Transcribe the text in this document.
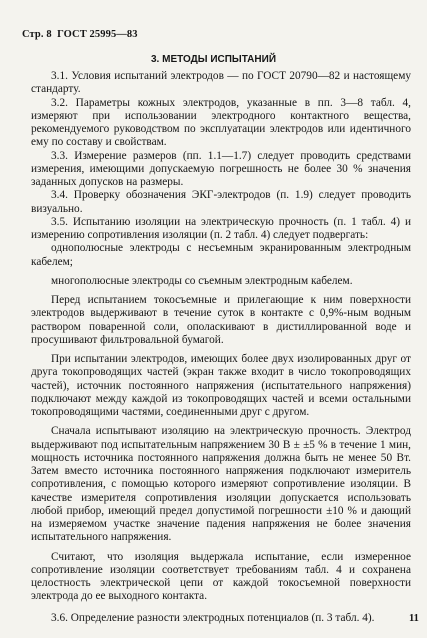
Стр. 8 ГОСТ 25995—83
3. МЕТОДЫ ИСПЫТАНИЙ

3.1. Условия испытаний электродов — по ГОСТ 20790—82 и настоящему стандарту.

3.2. Параметры кожных электродов, указанные в пп. 3—8 табл. 4, измеряют при использовании электродного контактного вещества, рекомендуемого руководством по эксплуатации электродов или идентичного ему по составу и свойствам.

3.3. Измерение размеров (пп. 1.1—1.7) следует проводить средствами измерения, имеющими допускаемую погрешность не более 30 % значения заданных допусков на размеры.

3.4. Проверку обозначения ЭКГ-электродов (п. 1.9) следует проводить визуально.

3.5. Испытанию изоляции на электрическую прочность (п. 1 табл. 4) и измерению сопротивления изоляции (п. 2 табл. 4) следует подвергать:

однополюсные электроды с несъемным экранированным электродным кабелем;

многополюсные электроды со съемным электродным кабелем.

Перед испытанием токосъемные и прилегающие к ним поверхности электродов выдерживают в течение суток в контакте с 0,9%-ным водным раствором поваренной соли, ополаскивают в дистиллированной воде и просушивают фильтровальной бумагой.

При испытании электродов, имеющих более двух изолированных друг от друга токопроводящих частей (экран также входит в число токопроводящих частей), источник постоянного напряжения (испытательного напряжения) подключают между каждой из токопроводящих частей и всеми остальными токопроводящими частями, соединенными друг с другом.

Сначала испытывают изоляцию на электрическую прочность. Электрод выдерживают под испытательным напряжением 30 В ± ±5 % в течение 1 мин, мощность источника постоянного напряжения должна быть не менее 50 Вт. Затем вместо источника постоянного напряжения подключают измеритель сопротивления, с помощью которого измеряют сопротивление изоляции. В качестве измерителя сопротивления изоляции допускается использовать любой прибор, имеющий предел допустимой погрешности ±10 % и дающий на измеряемом участке значение падения напряжения не более значения испытательного напряжения.

Считают, что изоляция выдержала испытание, если измеренное сопротивление изоляции соответствует требованиям табл. 4 и сохранена целостность электрической цепи от каждой токосъемной поверхности электрода до ее выходного контакта.

3.6. Определение разности электродных потенциалов (п. 3 табл. 4).	11
